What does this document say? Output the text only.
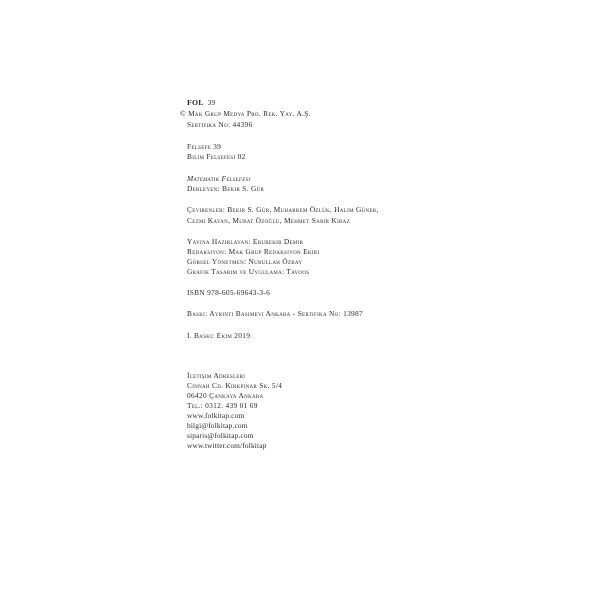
FOL 39
© Mak Grup Medya Pro. Rek. Yay. A.Ş.
Sertifika No: 44396
Felsefe 39
Bilim Felsefesi 02
Matematik Felsefesi
Derleyen: Bekir S. Gür
Çevirenler: Bekir S. Gür, Muharrem Özlük, Halim Güner,
Cezmi Kayan, Murat Özoğlu, Mehmet Sabır Kiraz
Yayına Hazırlayan: Ebubekir Demir
Redaksiyon: Mak Grup Redaksiyon Ekibi
Görsel Yönetmen: Nurullah Özbay
Grafik Tasarım ve Uygulama: Tavoos
ISBN 978-605-69643-3-6
Baskı: Ayrıntı Basımevi Ankara - Sertifika No: 13987
I. Baskı: Ekim 2019
İletişim Adresleri
Cinnah Cd. Kırkpınar Sk. 5/4
06420 Çankaya Ankara
Tel.: 0312. 439 01 69
www.folkitap.com
bilgi@folkitap.com
siparis@folkitap.com
www.twitter.com/folkitap
